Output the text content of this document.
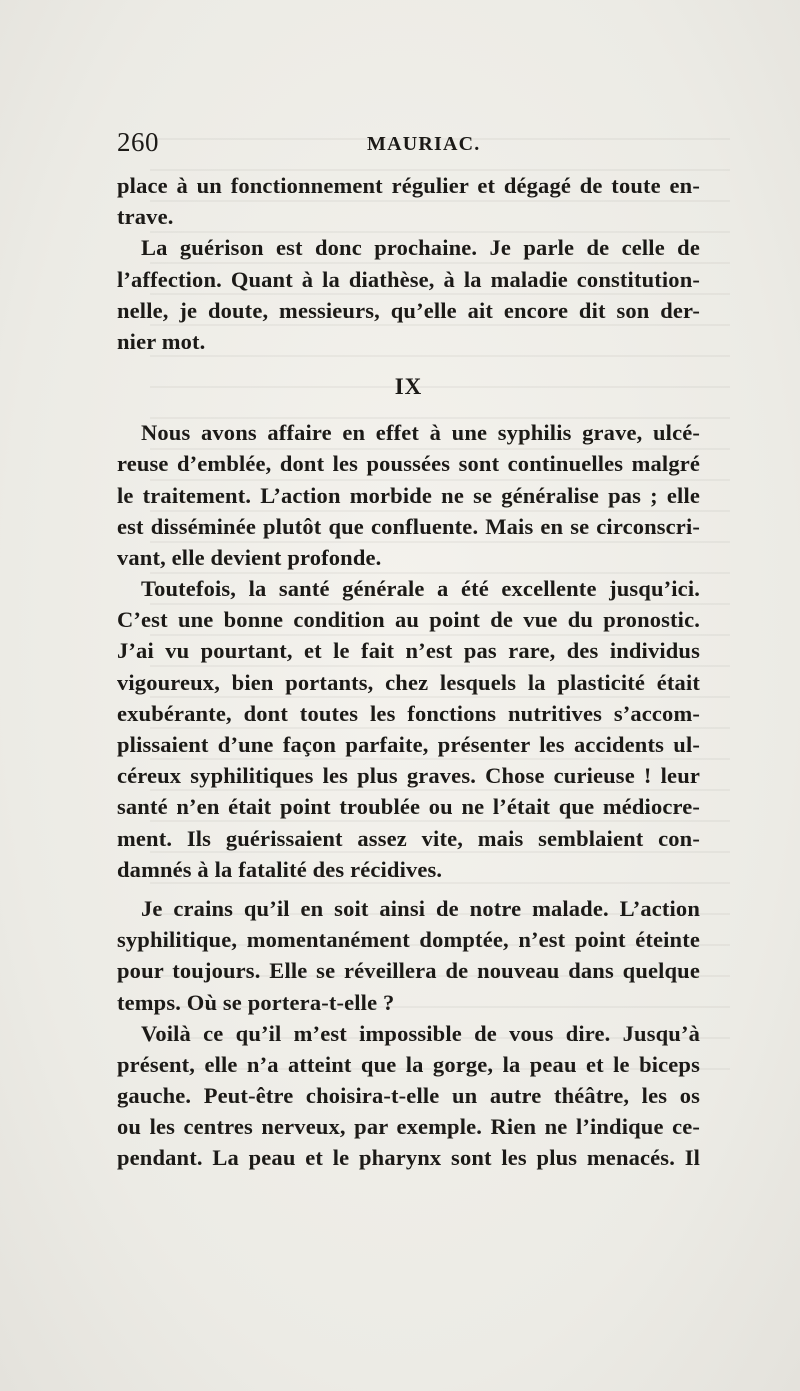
260	MAURIAC.
place à un fonctionnement régulier et dégagé de toute en-
trave.
La guérison est donc prochaine. Je parle de celle de
l’affection. Quant à la diathèse, à la maladie constitution-
nelle, je doute, messieurs, qu’elle ait encore dit son der-
nier mot.
IX
Nous avons affaire en effet à une syphilis grave, ulcé-
reuse d’emblée, dont les poussées sont continuelles malgré
le traitement. L’action morbide ne se généralise pas ; elle
est disséminée plutôt que confluente. Mais en se circonscri-
vant, elle devient profonde.
Toutefois, la santé générale a été excellente jusqu’ici.
C’est une bonne condition au point de vue du pronostic.
J’ai vu pourtant, et le fait n’est pas rare, des individus
vigoureux, bien portants, chez lesquels la plasticité était
exubérante, dont toutes les fonctions nutritives s’accom-
plissaient d’une façon parfaite, présenter les accidents ul-
céreux syphilitiques les plus graves. Chose curieuse ! leur
santé n’en était point troublée ou ne l’était que médiocre-
ment. Ils guérissaient assez vite, mais semblaient con-
damnés à la fatalité des récidives.
Je crains qu’il en soit ainsi de notre malade. L’action
syphilitique, momentanément domptée, n’est point éteinte
pour toujours. Elle se réveillera de nouveau dans quelque
temps. Où se portera-t-elle ?
Voilà ce qu’il m’est impossible de vous dire. Jusqu’à
présent, elle n’a atteint que la gorge, la peau et le biceps
gauche. Peut-être choisira-t-elle un autre théâtre, les os
ou les centres nerveux, par exemple. Rien ne l’indique ce-
pendant. La peau et le pharynx sont les plus menacés. Il
